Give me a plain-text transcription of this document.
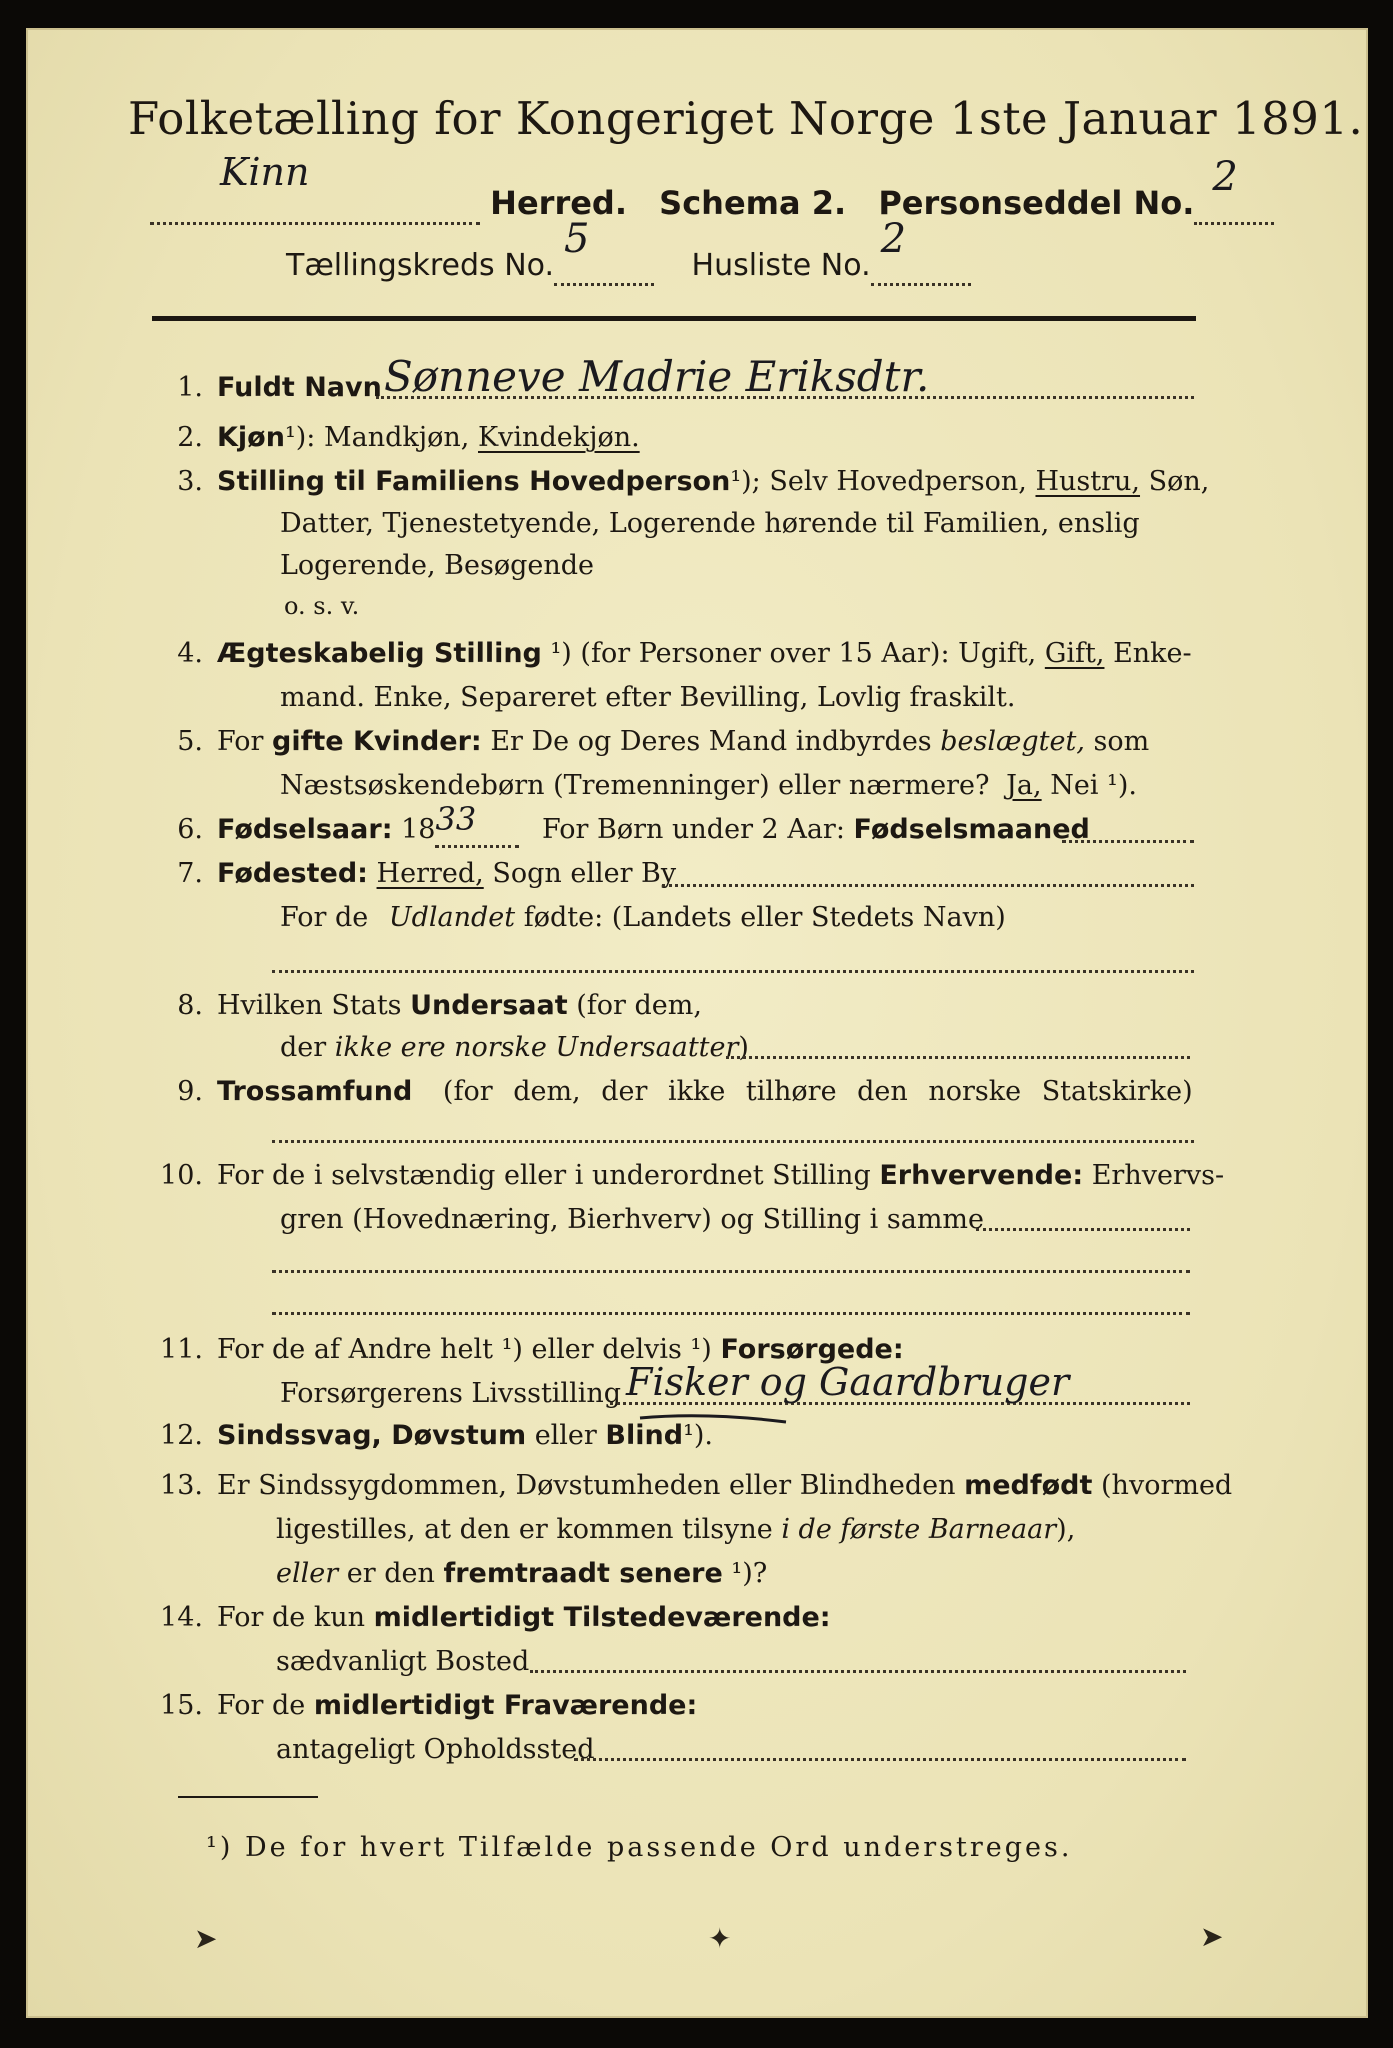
Folketælling for Kongeriget Norge 1ste Januar 1891.
Kinn
Herred. Schema 2. Personseddel No.
2

Tællingskreds No.
5
Husliste No.
2

1. Fuldt Navn Sønneve Madrie Eriksdtr.
2. Kjøn¹): Mandkjøn, Kvindekjøn.
3. Stilling til Familiens Hovedperson¹); Selv Hovedperson, Hustru, Søn,
Datter, Tjenestetyende, Logerende hørende til Familien, enslig
Logerende, Besøgende
o. s. v.
4. Ægteskabelig Stilling ¹) (for Personer over 15 Aar): Ugift, Gift, Enke-
mand. Enke, Separeret efter Bevilling, Lovlig fraskilt.
5. For gifte Kvinder: Er De og Deres Mand indbyrdes beslægtet, som
Næstsøskendebørn (Tremenninger) eller nærmere? Ja, Nei ¹).
6. Fødselsaar: 18 33 For Børn under 2 Aar: Fødselsmaaned
7. Fødested: Herred, Sogn eller By
For de Udlandet fødte: (Landets eller Stedets Navn)
8. Hvilken Stats Undersaat (for dem,
der ikke ere norske Undersaatter)
9. Trossamfund (for dem, der ikke tilhøre den norske Statskirke)
10. For de i selvstændig eller i underordnet Stilling Erhvervende: Erhvervs-
gren (Hovednæring, Bierhverv) og Stilling i samme
11. For de af Andre helt ¹) eller delvis ¹) Forsørgede:
Forsørgerens Livsstilling Fisker og Gaardbruger
12. Sindssvag, Døvstum eller Blind¹).
13. Er Sindssygdommen, Døvstumheden eller Blindheden medfødt (hvormed
ligestilles, at den er kommen tilsyne i de første Barneaar),
eller er den fremtraadt senere ¹)?
14. For de kun midlertidigt Tilstedeværende:
sædvanligt Bosted
15. For de midlertidigt Fraværende:
antageligt Opholdssted
¹) De for hvert Tilfælde passende Ord understreges.
➤	✦	➤
